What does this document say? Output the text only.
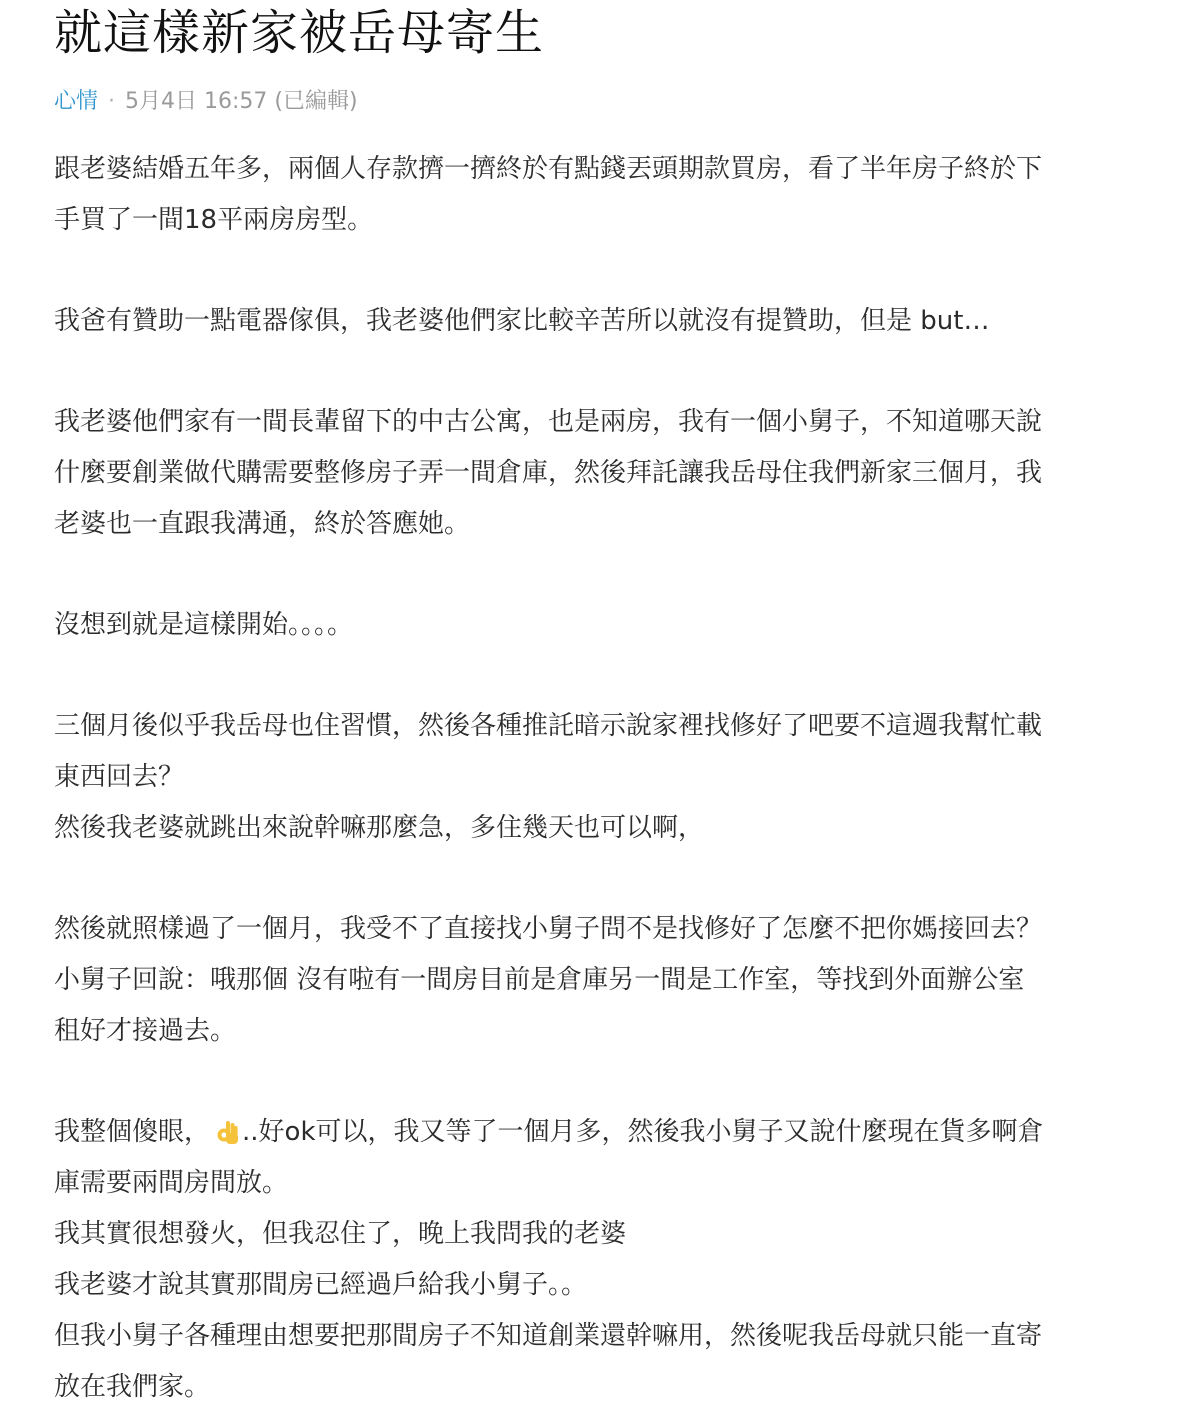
就這樣新家被岳母寄生
心情 · 5月4日 16:57 (已編輯)
跟老婆結婚五年多，兩個人存款擠一擠終於有點錢丟頭期款買房，看了半年房子終於下
手買了一間18平兩房房型。
我爸有贊助一點電器傢俱，我老婆他們家比較辛苦所以就沒有提贊助，但是 but…
我老婆他們家有一間長輩留下的中古公寓，也是兩房，我有一個小舅子，不知道哪天說
什麼要創業做代購需要整修房子弄一間倉庫，然後拜託讓我岳母住我們新家三個月，我
老婆也一直跟我溝通，終於答應她。
沒想到就是這樣開始。。。。
三個月後似乎我岳母也住習慣，然後各種推託暗示說家裡找修好了吧要不這週我幫忙載
東西回去？
然後我老婆就跳出來說幹嘛那麼急，多住幾天也可以啊，
然後就照樣過了一個月，我受不了直接找小舅子問不是找修好了怎麼不把你媽接回去？
小舅子回說：哦那個 沒有啦有一間房目前是倉庫另一間是工作室，等找到外面辦公室
租好才接過去。
我整個傻眼， ..好ok可以，我又等了一個月多，然後我小舅子又說什麼現在貨多啊倉
庫需要兩間房間放。
我其實很想發火，但我忍住了，晚上我問我的老婆
我老婆才說其實那間房已經過戶給我小舅子。。
但我小舅子各種理由想要把那間房子不知道創業還幹嘛用，然後呢我岳母就只能一直寄
放在我們家。
